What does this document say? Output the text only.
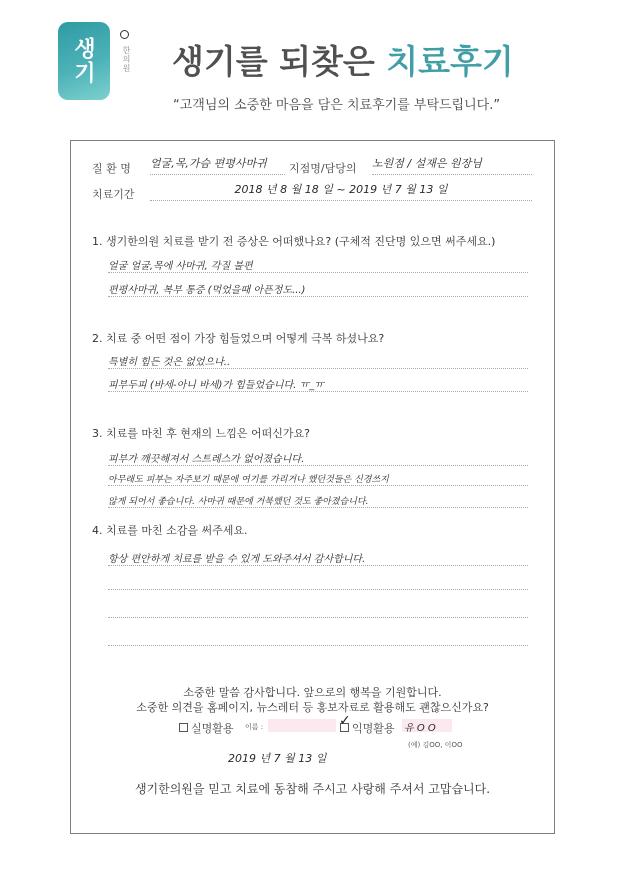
생기	한의원 생기를 되찾은 치료후기
“고객님의 소중한 마음을 담은 치료후기를 부탁드립니다.”
질 환 명 얼굴,목,가슴 편평사마귀	지점명/담당의 노원점 / 설재은 원장님
치료기간	2018 년 8 월 18 일 ~ 2019 년 7 월 13 일
1. 생기한의원 치료를 받기 전 증상은 어떠했나요? (구체적 진단명 있으면 써주세요.)
얼굴 얼굴,목에 사마귀, 각질 불편
편평사마귀, 복부 통증 (먹었을때 아픈정도...)
2. 치료 중 어떤 점이 가장 힘들었으며 어떻게 극복 하셨나요?
특별히 힘든 것은 없었으나..
피부두피 (바세-아니 바세)가 힘들었습니다. ㅠ_ㅠ
3. 치료를 마친 후 현재의 느낌은 어떠신가요?
피부가 깨끗해져서 스트레스가 없어졌습니다.
아무래도 피부는 자주보기 때문에 여기를 가리거나 했던것들은 신경쓰지
않게 되어서 좋습니다. 사마귀 때문에 거북했던 것도 좋아졌습니다.
4. 치료를 마친 소감을 써주세요.
항상 편안하게 치료를 받을 수 있게 도와주셔서 감사합니다.
소중한 말씀 감사합니다. 앞으로의 행복을 기원합니다.
소중한 의견을 홈페이지, 뉴스레터 등 홍보자료로 활용해도 괜찮으신가요?
실명활용 이름 :	✓ 익명활용 유 O O
(예) 김OO, 이OO
2019 년 7 월 13 일
생기한의원을 믿고 치료에 동참해 주시고 사랑해 주셔서 고맙습니다.
